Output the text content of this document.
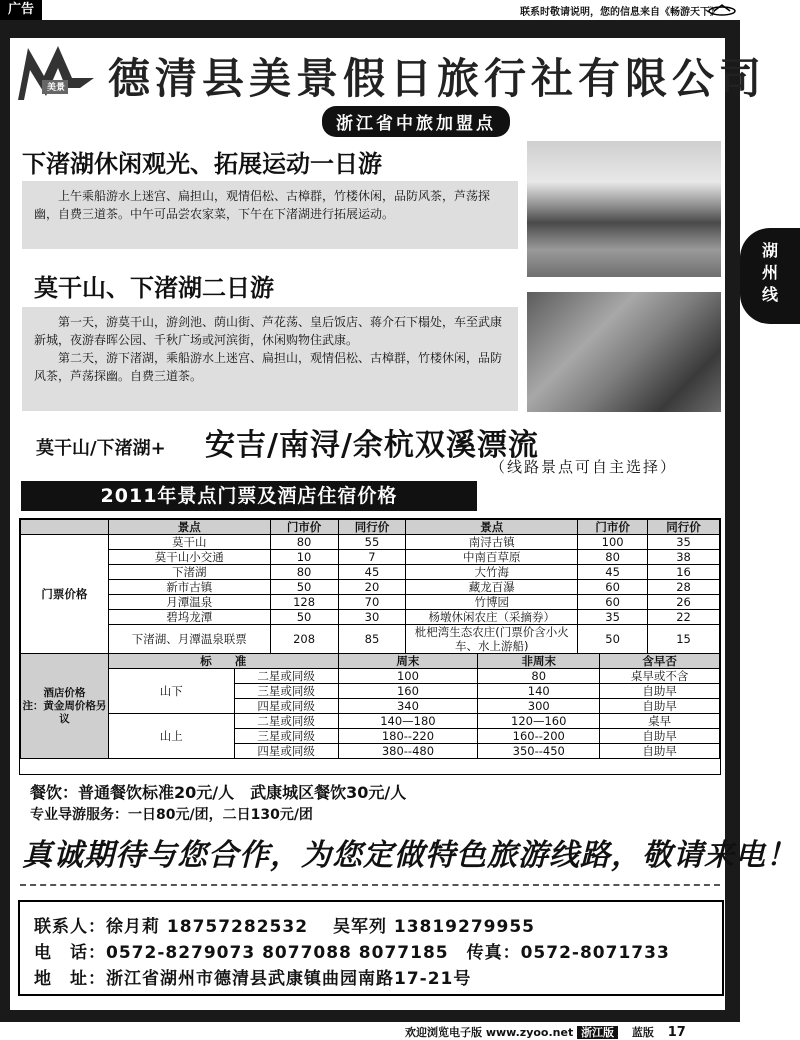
广告	联系时敬请说明，您的信息来自《畅游天下》
美景 德清县美景假日旅行社有限公司
浙江省中旅加盟点
下渚湖休闲观光、拓展运动一日游

上午乘船游水上迷宫、扁担山，观情侣松、古樟群，竹楼休闲，品防风茶，芦荡探幽，自费三道茶。中午可品尝农家菜，下午在下渚湖进行拓展运动。

莫干山、下渚湖二日游

第一天，游莫干山，游剑池、荫山街、芦花荡、皇后饭店、蒋介石下榻处，车至武康新城，夜游春晖公园、千秋广场或河滨街，休闲购物住武康。

第二天，游下渚湖，乘船游水上迷宫、扁担山，观情侣松、古樟群，竹楼休闲，品防风茶，芦荡探幽。自费三道茶。

莫干山/下渚湖+ 安吉/南浔/余杭双溪漂流
（线路景点可自主选择）
2011年景点门票及酒店住宿价格
	景点	门市价	同行价	景点	门市价	同行价
门票价格	莫干山	80	55	南浔古镇	100	35
	莫干山小交通	10	7	中南百草原	80	38
	下渚湖	80	45	大竹海	45	16
	新市古镇	50	20	藏龙百瀑	60	28
	月潭温泉	128	70	竹博园	60	26
	碧坞龙潭	50	30	杨墩休闲农庄（采摘券）	35	22
	下渚湖、月潭温泉联票	208	85	枇杷湾生态农庄(门票价含小火车、水上游船)	50	15
酒店价格
注：黄金周价格另议	标　　准		周末	非周末	含早否
	山下	二星或同级	100	80	桌早或不含
		三星或同级	160	140	自助早
		四星或同级	340	300	自助早
	山上	二星或同级	140—180	120—160	桌早
		三星或同级	180--220	160--200	自助早
		四星或同级	380--480	350--450	自助早
餐饮：普通餐饮标准20元/人　武康城区餐饮30元/人
专业导游服务：一日80元/团，二日130元/团
真诚期待与您合作，为您定做特色旅游线路，敬请来电！
联系人：徐月莉 18757282532　 吴军列 13819279955
电　话：0572-8279073 8077088 8077185　传真：0572-8071733
地　址：浙江省湖州市德清县武康镇曲园南路17-21号
湖
州
线
欢迎浏览电子版 www.zyoo.net 浙江版 蓝版 17
